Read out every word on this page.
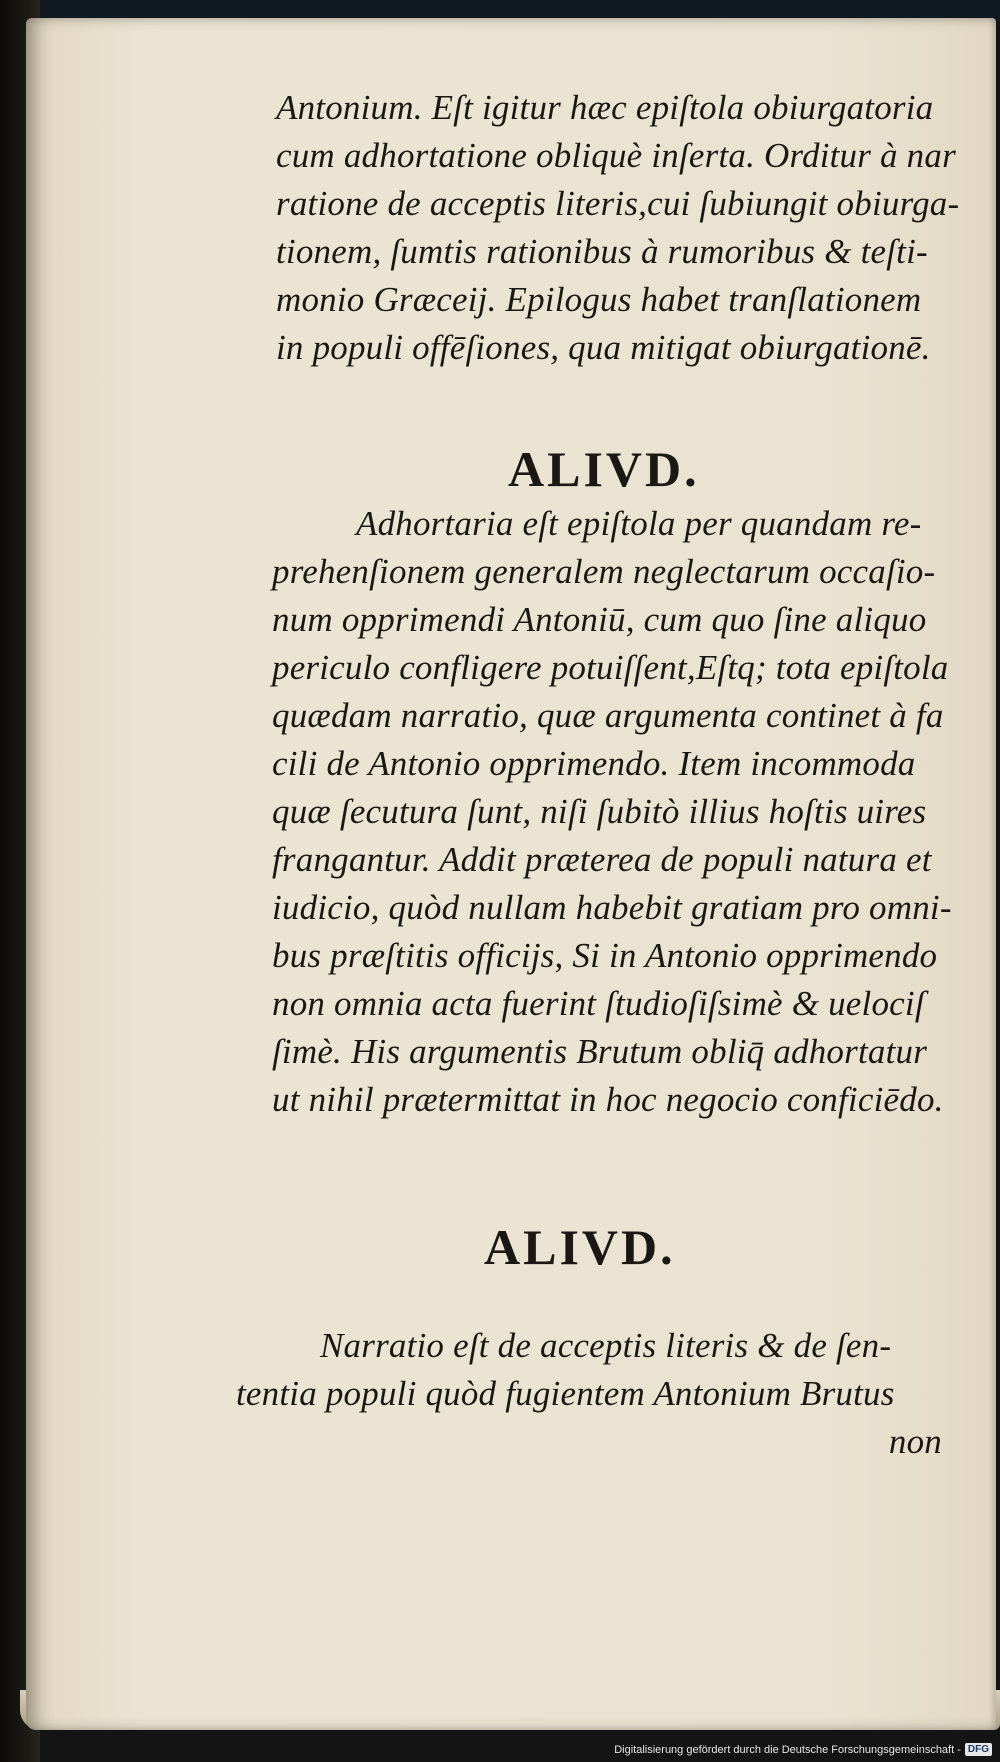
Antonium. Eſt igitur hæc epiſtola obiurgatoria
cum adhortatione obliquè inſerta. Orditur à nar
ratione de acceptis literis,cui ſubiungit obiurga-
tionem, ſumtis rationibus à rumoribus & teſti-
monio Græceij. Epilogus habet tranſlationem
in populi offēſiones, qua mitigat obiurgationē.
ALIVD.
Adhortaria eſt epiſtola per quandam re-
prehenſionem generalem neglectarum occaſio-
num opprimendi Antoniū, cum quo ſine aliquo
periculo confligere potuiſſent,Eſtq; tota epiſtola
quædam narratio, quæ argumenta continet à fa
cili de Antonio opprimendo. Item incommoda
quæ ſecutura ſunt, niſi ſubitò illius hoſtis uires
frangantur. Addit præterea de populi natura et
iudicio, quòd nullam habebit gratiam pro omni-
bus præſtitis officijs, Si in Antonio opprimendo
non omnia acta fuerint ſtudioſiſsimè & uelociſ
ſimè. His argumentis Brutum obliq̄ adhortatur
ut nihil prætermittat in hoc negocio conficiēdo.
ALIVD.
Narratio eſt de acceptis literis & de ſen-
tentia populi quòd fugientem Antonium Brutus
non
Digitalisierung gefördert durch die Deutsche Forschungsgemeinschaft - DFG
